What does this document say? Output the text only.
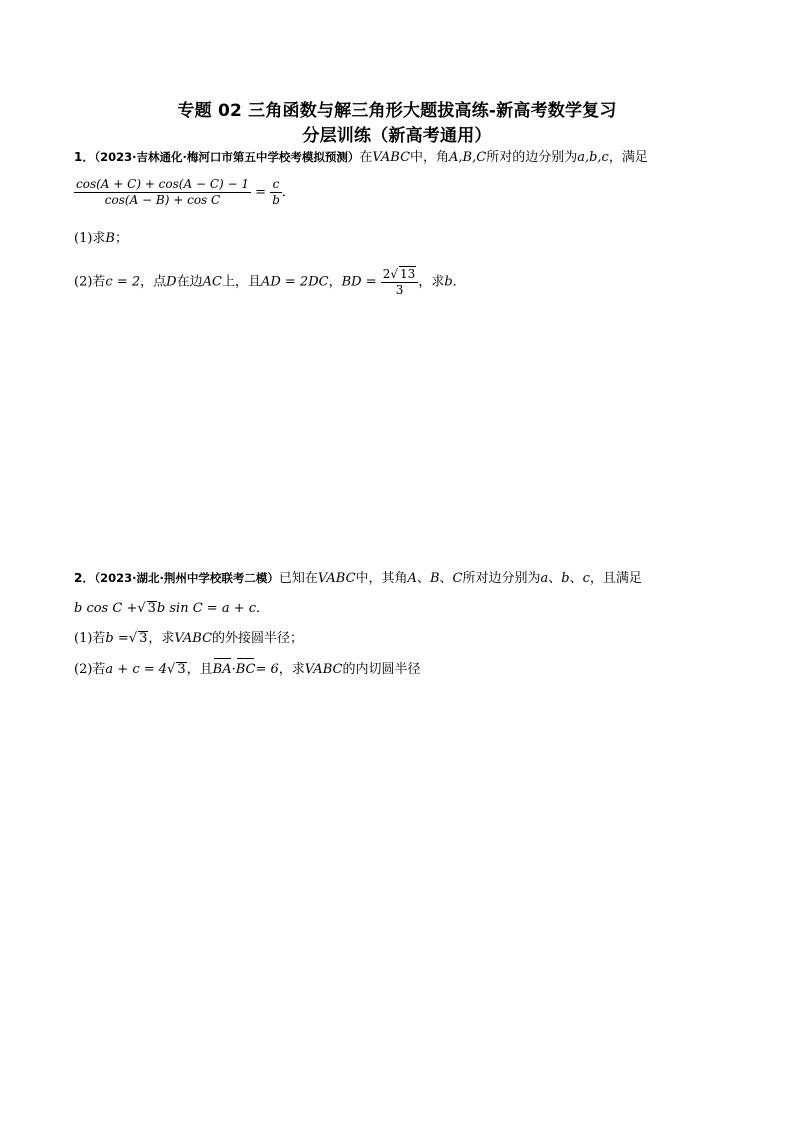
专题 02 三角函数与解三角形大题拔高练-新高考数学复习
分层训练（新高考通用）
1．（2023·吉林通化·梅河口市第五中学校考模拟预测）在VABC中，角A,B,C所对的边分别为a,b,c，满足
$\frac{\cos(A + C) + \cos(A - C) - 1}{\text{cos(A − B) + cos C}} = \frac{c}{b}$ ．
(1)求B；
(2)若c = 2，点D在边AC上，且AD = 2DC，BD = $\frac{2√ 13}{3}$ ，求b．
2．（2023·湖北·荆州中学校联考二模）已知在VABC中，其角A、B、C所对边分别为a、b、c，且满足
b cos C +√ 3b sin C = a + c．
(1)若b =√ 3，求VABC的外接圆半径；
(2)若a + c = 4√ 3，且BA·BC= 6，求VABC的内切圆半径
